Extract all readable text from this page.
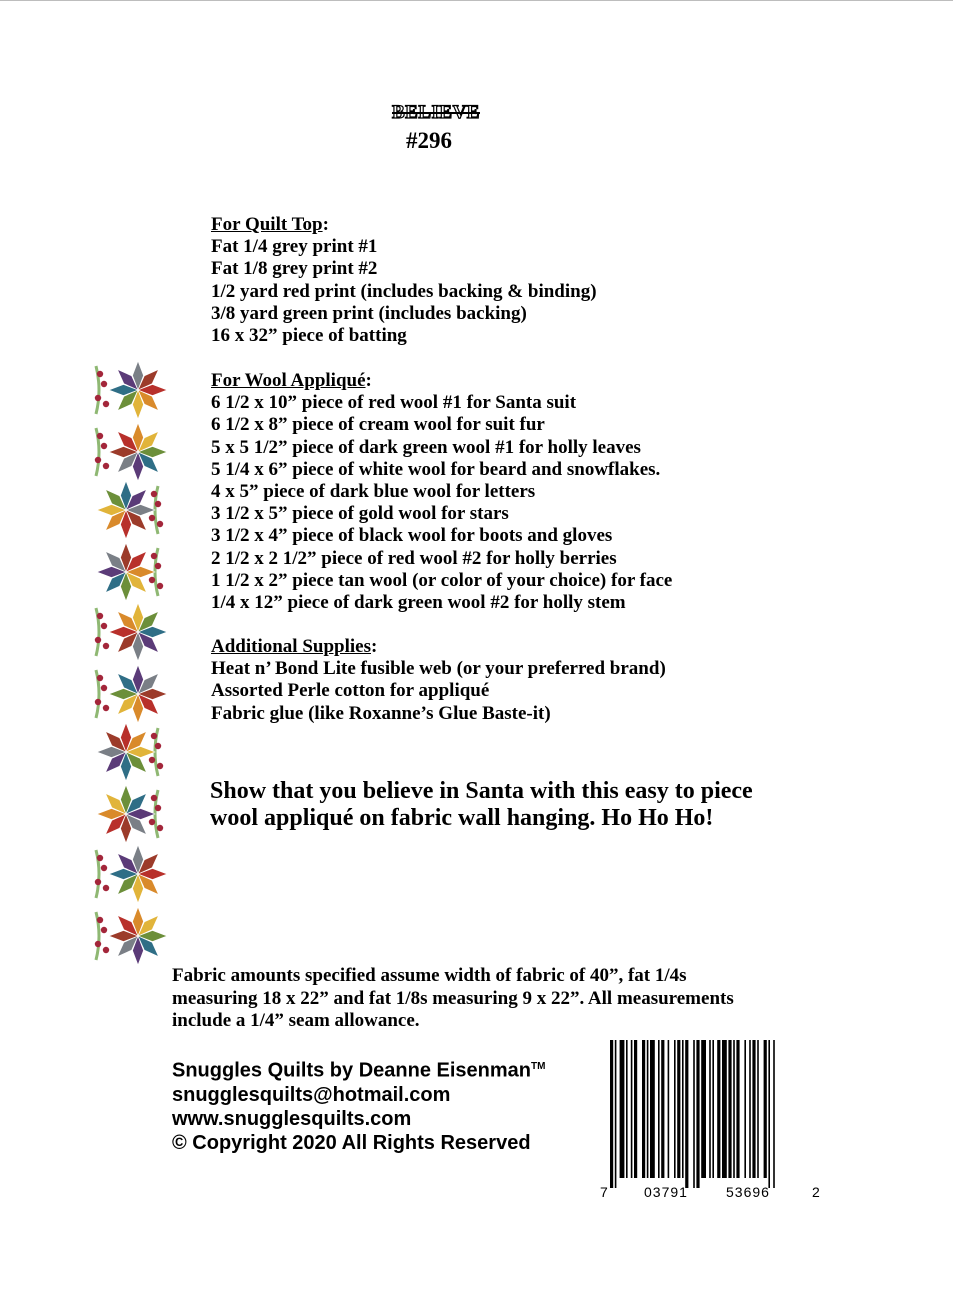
BELIEVE
#296
For Quilt Top:
Fat 1/4 grey print #1
Fat 1/8 grey print #2
1/2 yard red print (includes backing & binding)
3/8 yard green print (includes backing)
16 x 32” piece of batting
For Wool Appliqué:
6 1/2 x 10” piece of red wool #1 for Santa suit
6 1/2 x 8” piece of cream wool for suit fur
5 x 5 1/2” piece of dark green wool #1 for holly leaves
5 1/4 x 6” piece of white wool for beard and snowflakes.
4 x 5” piece of dark blue wool for letters
3 1/2 x 5” piece of gold wool for stars
3 1/2 x 4” piece of black wool for boots and gloves
2 1/2 x 2 1/2” piece of red wool #2 for holly berries
1 1/2 x 2” piece tan wool (or color of your choice) for face
1/4 x 12” piece of dark green wool #2 for holly stem
Additional Supplies:
Heat n’ Bond Lite fusible web (or your preferred brand)
Assorted Perle cotton for appliqué
Fabric glue (like Roxanne’s Glue Baste-it)
Show that you believe in Santa with this easy to piece
wool appliqué on fabric wall hanging. Ho Ho Ho!
Fabric amounts specified assume width of fabric of 40”, fat 1/4s
measuring 18 x 22” and fat 1/8s measuring 9 x 22”. All measurements
include a 1/4” seam allowance.
Snuggles Quilts by Deanne Eisenman™
snugglesquilts@hotmail.com
www.snugglesquilts.com
© Copyright 2020 All Rights Reserved
7	03791	53696	2
